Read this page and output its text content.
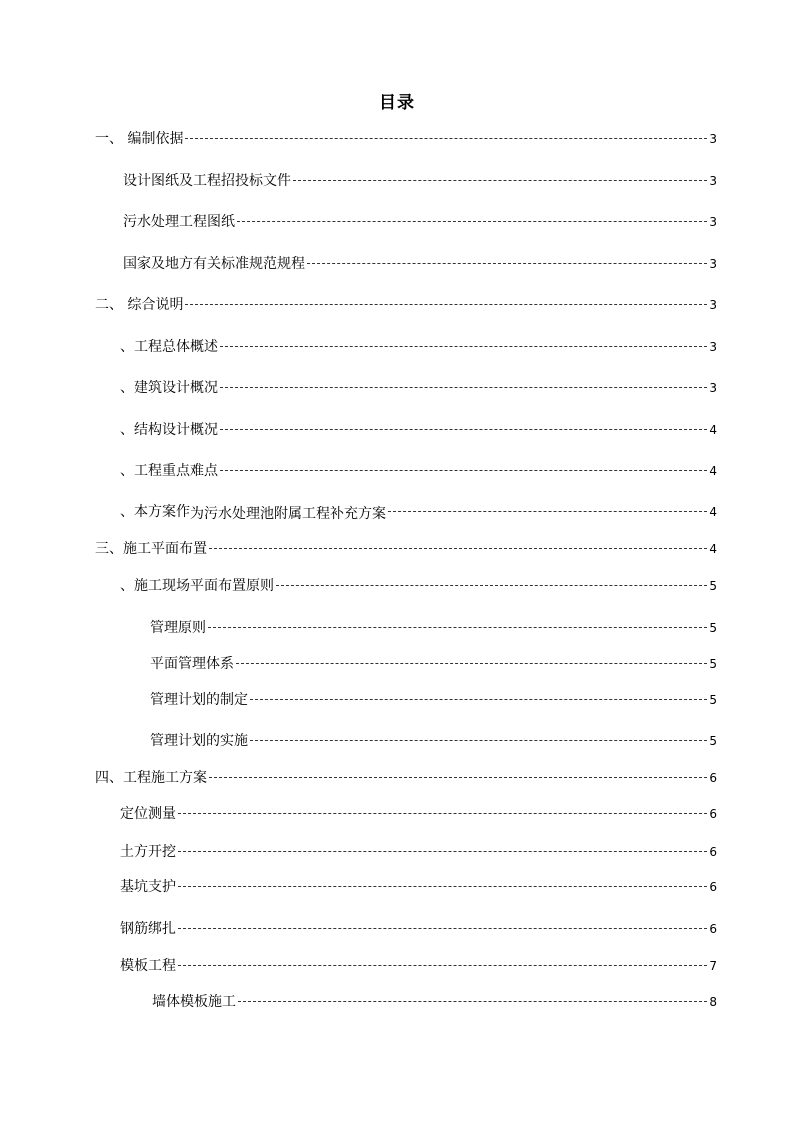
目录
一、 编制依据	3
设计图纸及工程招投标文件	3
污水处理工程图纸	3
国家及地方有关标准规范规程	3
二、 综合说明	3
、工程总体概述	3
、建筑设计概况	3
、结构设计概况	4
、工程重点难点	4
、本方案作为污水处理池附属工程补充方案	4
三、施工平面布置	4
、施工现场平面布置原则	5
管理原则	5
平面管理体系	5
管理计划的制定	5
管理计划的实施	5
四、工程施工方案	6
定位测量	6
土方开挖	6
基坑支护	6
钢筋绑扎	6
模板工程	7
墙体模板施工	8
